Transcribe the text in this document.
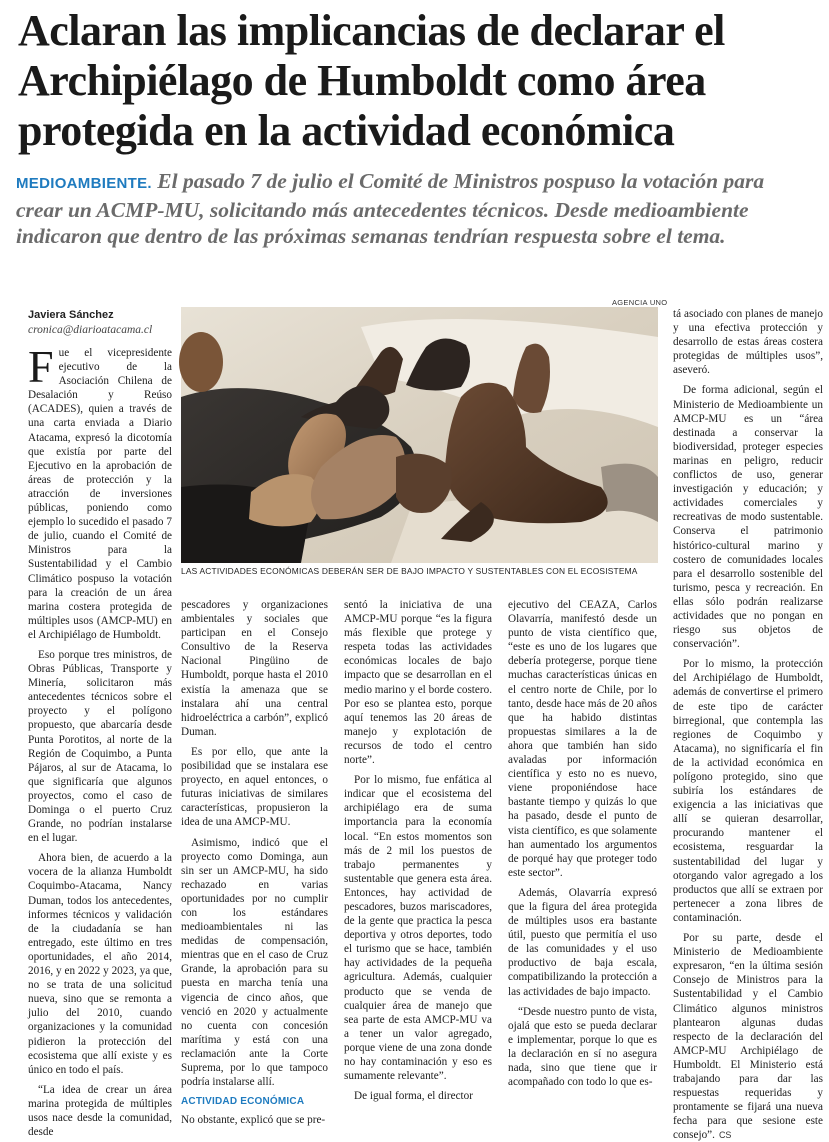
Aclaran las implicancias de declarar el Archipiélago de Humboldt como área protegida en la actividad económica
MEDIOAMBIENTE. El pasado 7 de julio el Comité de Ministros pospuso la votación para crear un ACMP-MU, solicitando más antecedentes técnicos. Desde medioambiente indicaron que dentro de las próximas semanas tendrían respuesta sobre el tema.
Javiera Sánchez
cronica@diarioatacama.cl
AGENCIA UNO
LAS ACTIVIDADES ECONÓMICAS DEBERÁN SER DE BAJO IMPACTO Y SUSTENTABLES CON EL ECOSISTEMA

Fue el vicepresidente ejecutivo de la Asociación Chilena de Desalación y Reúso (ACADES), quien a través de una carta enviada a Diario Atacama, expresó la dicotomía que existía por parte del Ejecutivo en la aprobación de áreas de protección y la atracción de inversiones públicas, poniendo como ejemplo lo sucedido el pasado 7 de julio, cuando el Comité de Ministros para la Sustentabilidad y el Cambio Climático pospuso la votación para la creación de un área marina costera protegida de múltiples usos (AMCP-MU) en el Archipiélago de Humboldt.

Eso porque tres ministros, de Obras Públicas, Transporte y Minería, solicitaron más antecedentes técnicos sobre el proyecto y el polígono propuesto, que abarcaría desde Punta Porotitos, al norte de la Región de Coquimbo, a Punta Pájaros, al sur de Atacama, lo que significaría que algunos proyectos, como el caso de Dominga o el puerto Cruz Grande, no podrían instalarse en el lugar.

Ahora bien, de acuerdo a la vocera de la alianza Humboldt Coquimbo-Atacama, Nancy Duman, todos los antecedentes, informes técnicos y validación de la ciudadanía se han entregado, este último en tres oportunidades, el año 2014, 2016, y en 2022 y 2023, ya que, no se trata de una solicitud nueva, sino que se remonta a julio del 2010, cuando organizaciones y la comunidad pidieron la protección del ecosistema que allí existe y es único en todo el país.

“La idea de crear un área marina protegida de múltiples usos nace desde la comunidad, desde

pescadores y organizaciones ambientales y sociales que participan en el Consejo Consultivo de la Reserva Nacional Pingüino de Humboldt, porque hasta el 2010 existía la amenaza que se instalara ahí una central hidroeléctrica a carbón”, explicó Duman.

Es por ello, que ante la posibilidad que se instalara ese proyecto, en aquel entonces, o futuras iniciativas de similares características, propusieron la idea de una AMCP-MU.

Asimismo, indicó que el proyecto como Dominga, aun sin ser un AMCP-MU, ha sido rechazado en varias oportunidades por no cumplir con los estándares medioambientales ni las medidas de compensación, mientras que en el caso de Cruz Grande, la aprobación para su puesta en marcha tenía una vigencia de cinco años, que venció en 2020 y actualmente no cuenta con concesión marítima y está con una reclamación ante la Corte Suprema, por lo que tampoco podría instalarse allí.

ACTIVIDAD ECONÓMICA

No obstante, explicó que se pre-

sentó la iniciativa de una AMCP-MU porque “es la figura más flexible que protege y respeta todas las actividades económicas locales de bajo impacto que se desarrollan en el medio marino y el borde costero. Por eso se plantea esto, porque aquí tenemos las 20 áreas de manejo y explotación de recursos de todo el centro norte”.

Por lo mismo, fue enfática al indicar que el ecosistema del archipiélago era de suma importancia para la economía local. “En estos momentos son más de 2 mil los puestos de trabajo permanentes y sustentable que genera esta área. Entonces, hay actividad de pescadores, buzos mariscadores, de la gente que practica la pesca deportiva y otros deportes, todo el turismo que se hace, también hay actividades de la pequeña agricultura. Además, cualquier producto que se venda de cualquier área de manejo que sea parte de esta AMCP-MU va a tener un valor agregado, porque viene de una zona donde no hay contaminación y eso es sumamente relevante”.

De igual forma, el director

ejecutivo del CEAZA, Carlos Olavarría, manifestó desde un punto de vista científico que, “este es uno de los lugares que debería protegerse, porque tiene muchas características únicas en el centro norte de Chile, por lo tanto, desde hace más de 20 años que ha habido distintas propuestas similares a la de ahora que también han sido avaladas por información científica y esto no es nuevo, viene proponiéndose hace bastante tiempo y quizás lo que ha pasado, desde el punto de vista científico, es que solamente han aumentado los argumentos de porqué hay que proteger todo este sector”.

Además, Olavarría expresó que la figura del área protegida de múltiples usos era bastante útil, puesto que permitía el uso de las comunidades y el uso productivo de baja escala, compatibilizando la protección a las actividades de bajo impacto.

“Desde nuestro punto de vista, ojalá que esto se pueda declarar e implementar, porque lo que es la declaración en sí no asegura nada, sino que tiene que ir acompañado con todo lo que es-

tá asociado con planes de manejo y una efectiva protección y desarrollo de estas áreas costera protegidas de múltiples usos”, aseveró.

De forma adicional, según el Ministerio de Medioambiente un AMCP-MU es un “área destinada a conservar la biodiversidad, proteger especies marinas en peligro, reducir conflictos de uso, generar investigación y educación; y actividades comerciales y recreativas de modo sustentable. Conserva el patrimonio histórico-cultural marino y costero de comunidades locales para el desarrollo sostenible del turismo, pesca y recreación. En ellas sólo podrán realizarse actividades que no pongan en riesgo sus objetos de conservación”.

Por lo mismo, la protección del Archipiélago de Humboldt, además de convertirse el primero de este tipo de carácter birregional, que contempla las regiones de Coquimbo y Atacama), no significaría el fin de la actividad económica en polígono protegido, sino que subiría los estándares de exigencia a las iniciativas que allí se quieran desarrollar, procurando mantener el ecosistema, resguardar la sustentabilidad del lugar y otorgando valor agregado a los productos que allí se extraen por pertenecer a zona libres de contaminación.

Por su parte, desde el Ministerio de Medioambiente expresaron, “en la última sesión Consejo de Ministros para la Sustentabilidad y el Cambio Climático algunos ministros plantearon algunas dudas respecto de la declaración del AMCP-MU Archipiélago de Humboldt. El Ministerio está trabajando para dar las respuestas requeridas y prontamente se fijará una nueva fecha para que sesione este consejo”. CS
